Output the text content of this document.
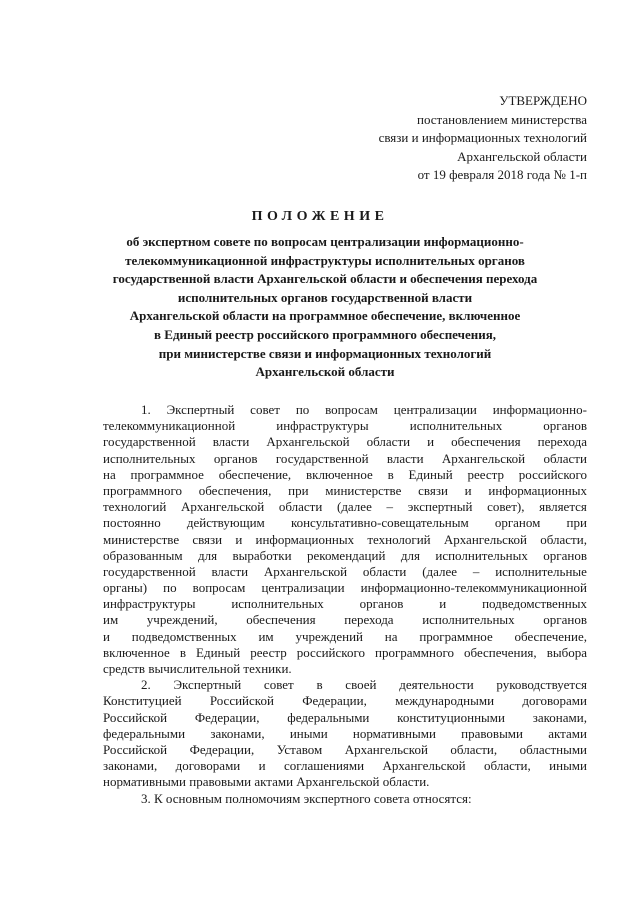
УТВЕРЖДЕНО
постановлением министерства
связи и информационных технологий
Архангельской области
от 19 февраля 2018 года № 1-п
ПОЛОЖЕНИЕ
об экспертном совете по вопросам централизации информационно-
телекоммуникационной инфраструктуры исполнительных органов
государственной власти Архангельской области и обеспечения перехода
исполнительных органов государственной власти
Архангельской области на программное обеспечение, включенное
в Единый реестр российского программного обеспечения,
при министерстве связи и информационных технологий
Архангельской области
1. Экспертный совет по вопросам централизации информационно-
телекоммуникационной	инфраструктуры	исполнительных	органов
государственной власти Архангельской области и обеспечения перехода
исполнительных органов государственной власти Архангельской области
на программное обеспечение, включенное в Единый реестр российского
программного обеспечения, при министерстве связи и информационных
технологий Архангельской области (далее – экспертный совет), является
постоянно действующим консультативно-совещательным органом при
министерстве связи и информационных технологий Архангельской области,
образованным для выработки рекомендаций для исполнительных органов
государственной власти Архангельской области (далее – исполнительные
органы) по вопросам централизации информационно-телекоммуникационной
инфраструктуры	исполнительных	органов	и	подведомственных
им учреждений, обеспечения перехода исполнительных органов
и подведомственных им учреждений на программное обеспечение,
включенное в Единый реестр российского программного обеспечения, выбора
средств вычислительной техники.
2. Экспертный совет в своей деятельности руководствуется
Конституцией Российской Федерации, международными договорами
Российской Федерации, федеральными конституционными законами,
федеральными законами, иными нормативными правовыми актами
Российской Федерации, Уставом Архангельской области, областными
законами, договорами и соглашениями Архангельской области, иными
нормативными правовыми актами Архангельской области.
3. К основным полномочиям экспертного совета относятся:
